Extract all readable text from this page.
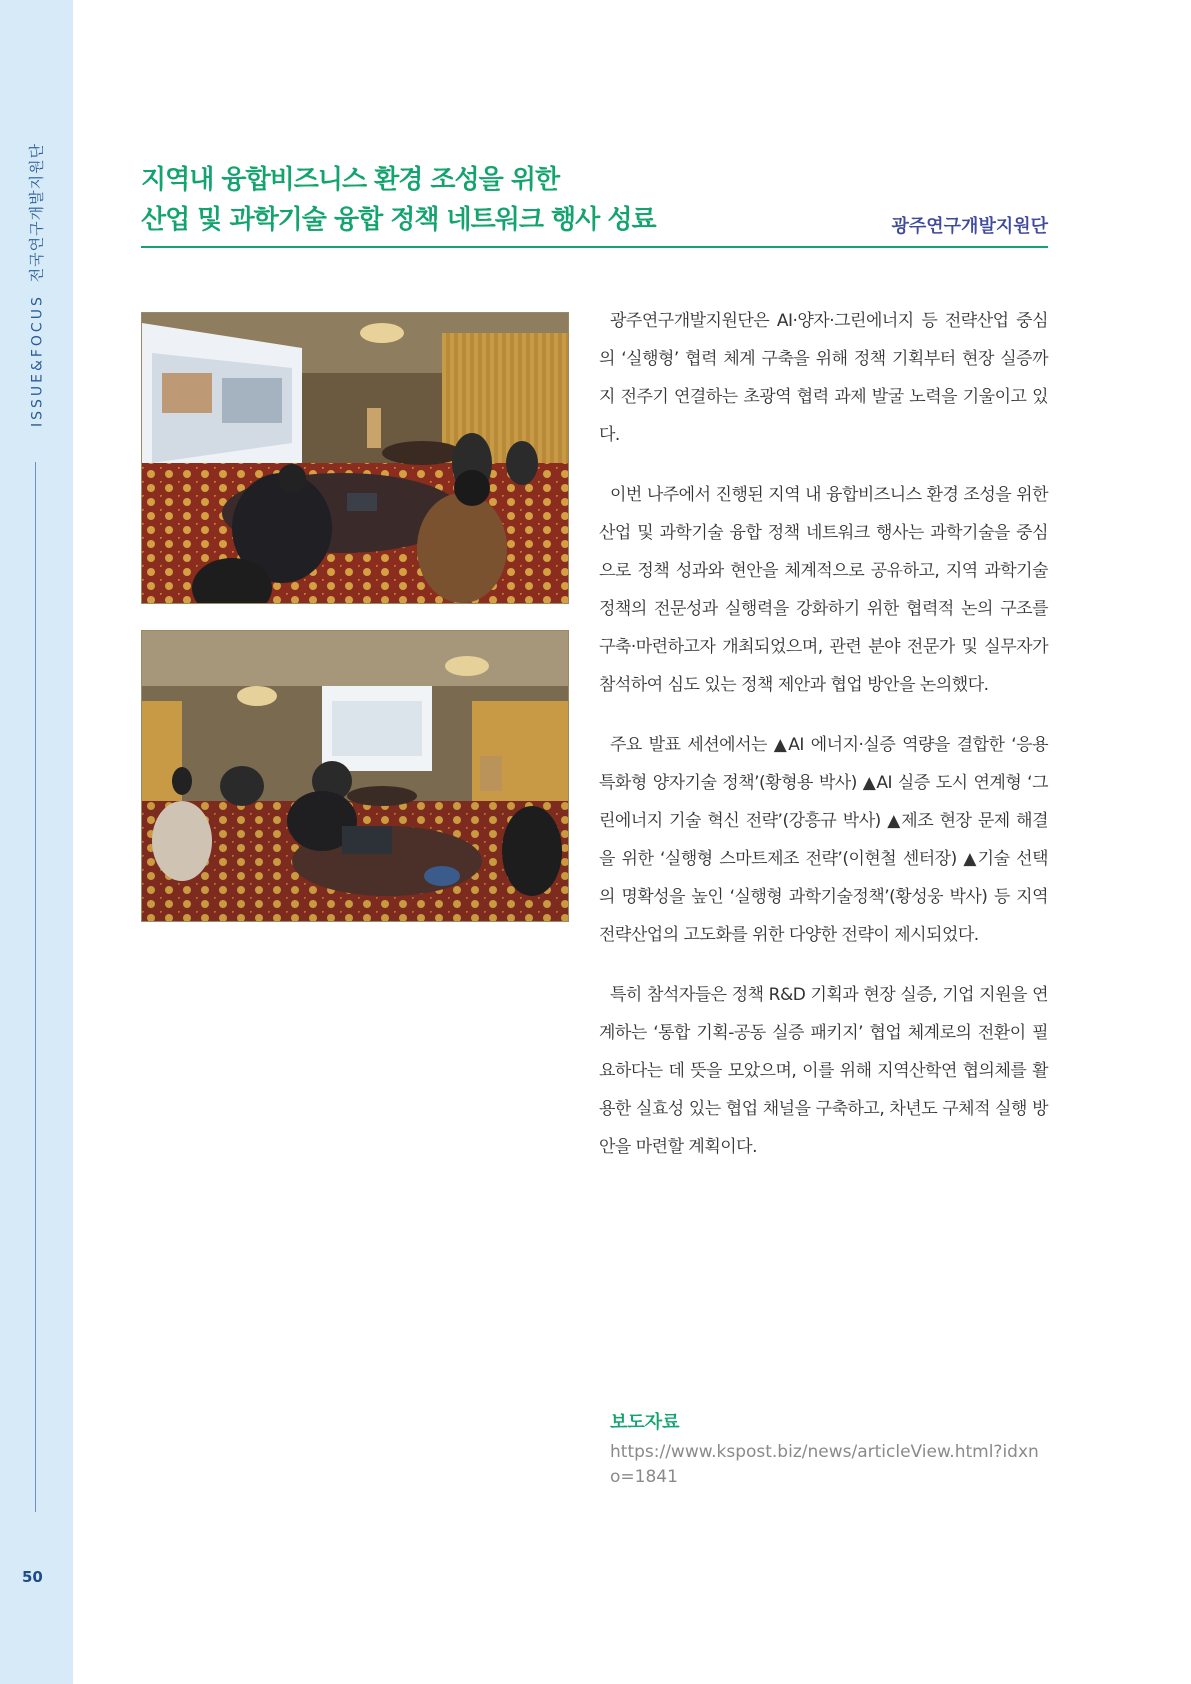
ISSUE&FOCUS 전국연구개발지원단
50
지역내 융합비즈니스 환경 조성을 위한
산업 및 과학기술 융합 정책 네트워크 행사 성료	광주연구개발지원단

광주연구개발지원단은 AI·양자·그린에너지 등 전략산업 중심의 ‘실행형’ 협력 체계 구축을 위해 정책 기획부터 현장 실증까지 전주기 연결하는 초광역 협력 과제 발굴 노력을 기울이고 있다.

이번 나주에서 진행된 지역 내 융합비즈니스 환경 조성을 위한 산업 및 과학기술 융합 정책 네트워크 행사는 과학기술을 중심으로 정책 성과와 현안을 체계적으로 공유하고, 지역 과학기술 정책의 전문성과 실행력을 강화하기 위한 협력적 논의 구조를 구축·마련하고자 개최되었으며, 관련 분야 전문가 및 실무자가 참석하여 심도 있는 정책 제안과 협업 방안을 논의했다.

주요 발표 세션에서는 ▲AI 에너지·실증 역량을 결합한 ‘응용 특화형 양자기술 정책’(황형용 박사) ▲AI 실증 도시 연계형 ‘그린에너지 기술 혁신 전략’(강흥규 박사) ▲제조 현장 문제 해결을 위한 ‘실행형 스마트제조 전략’(이현철 센터장) ▲기술 선택의 명확성을 높인 ‘실행형 과학기술정책’(황성웅 박사) 등 지역 전략산업의 고도화를 위한 다양한 전략이 제시되었다.

특히 참석자들은 정책 R&D 기획과 현장 실증, 기업 지원을 연계하는 ‘통합 기획-공동 실증 패키지’ 협업 체계로의 전환이 필요하다는 데 뜻을 모았으며, 이를 위해 지역산학연 협의체를 활용한 실효성 있는 협업 채널을 구축하고, 차년도 구체적 실행 방안을 마련할 계획이다.

보도자료
https://www.kspost.biz/news/articleView.html?idxno=1841
